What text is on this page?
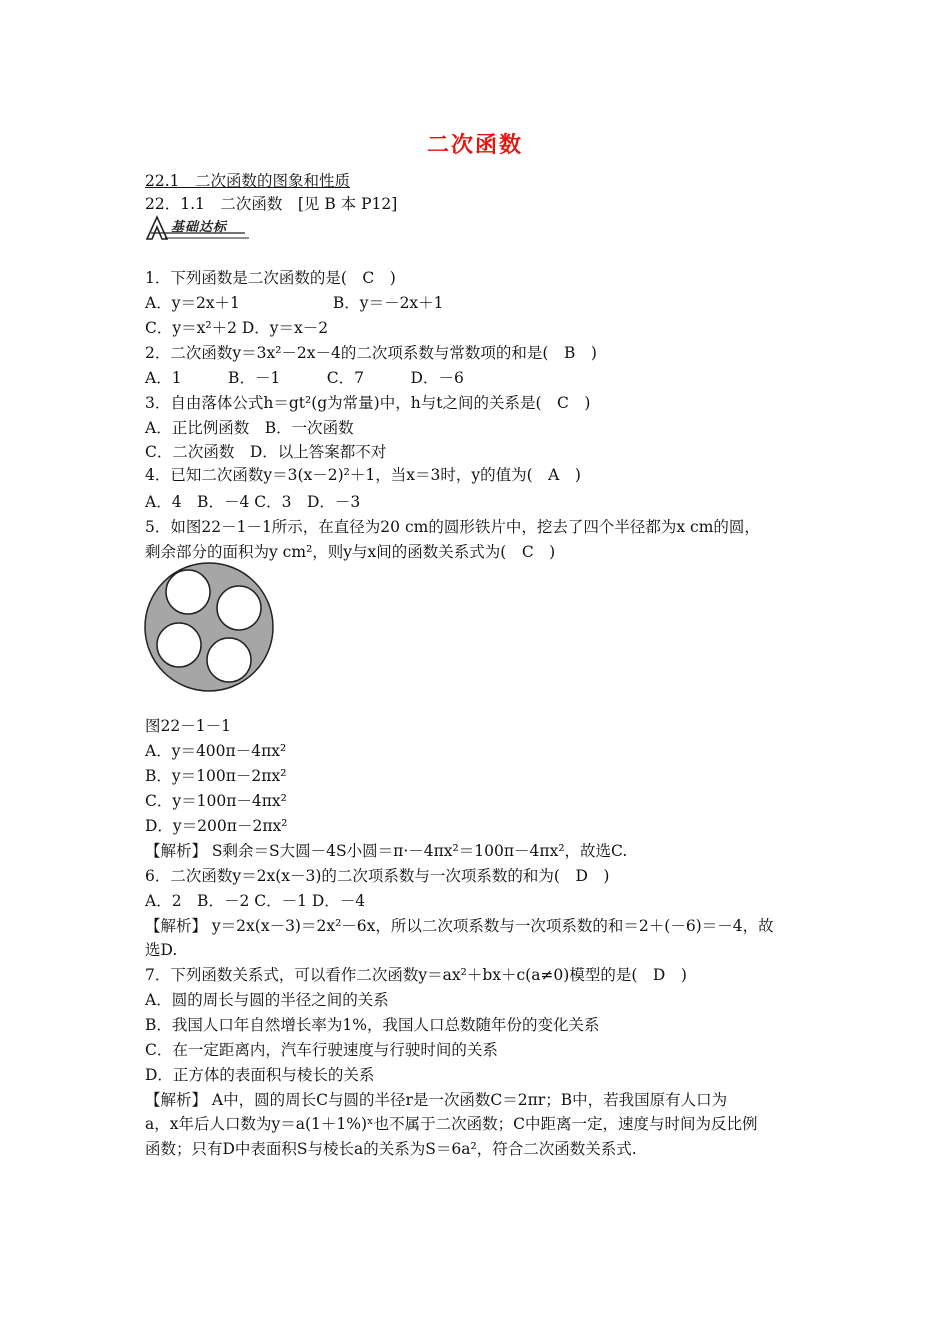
二次函数
22.1　二次函数的图象和性质
22．1.1　二次函数　[见 B 本 P12]
基础达标
1．下列函数是二次函数的是(　C　)
A．y＝2x＋1　　　　　　B．y＝－2x＋1
C．y＝x²＋2 D．y＝x－2
2．二次函数y＝3x²－2x－4的二次项系数与常数项的和是(　B　)
A．1　　　B．－1　　　C．7　　　D．－6
3．自由落体公式h＝gt²(g为常量)中，h与t之间的关系是(　C　)
A．正比例函数　B．一次函数
C．二次函数　D．以上答案都不对
4．已知二次函数y＝3(x－2)²＋1，当x＝3时，y的值为(　A　)
A．4　B．－4 C．3　D．－3
5．如图22－1－1所示，在直径为20 cm的圆形铁片中，挖去了四个半径都为x cm的圆，
剩余部分的面积为y cm²，则y与x间的函数关系式为(　C　)
图22－1－1
A．y＝400π－4πx²
B．y＝100π－2πx²
C．y＝100π－4πx²
D．y＝200π－2πx²
【解析】 S剩余＝S大圆－4S小圆＝π·－4πx²＝100π－4πx²，故选C.
6．二次函数y＝2x(x－3)的二次项系数与一次项系数的和为(　D　)
A．2　B．－2 C．－1 D．－4
【解析】 y＝2x(x－3)＝2x²－6x，所以二次项系数与一次项系数的和＝2＋(－6)＝－4，故
选D.
7．下列函数关系式，可以看作二次函数y＝ax²＋bx＋c(a≠0)模型的是(　D　)
A．圆的周长与圆的半径之间的关系
B．我国人口年自然增长率为1%，我国人口总数随年份的变化关系
C．在一定距离内，汽车行驶速度与行驶时间的关系
D．正方体的表面积与棱长的关系
【解析】 A中，圆的周长C与圆的半径r是一次函数C＝2πr；B中，若我国原有人口为
a，x年后人口数为y＝a(1＋1%)ˣ也不属于二次函数；C中距离一定，速度与时间为反比例
函数；只有D中表面积S与棱长a的关系为S＝6a²，符合二次函数关系式.
